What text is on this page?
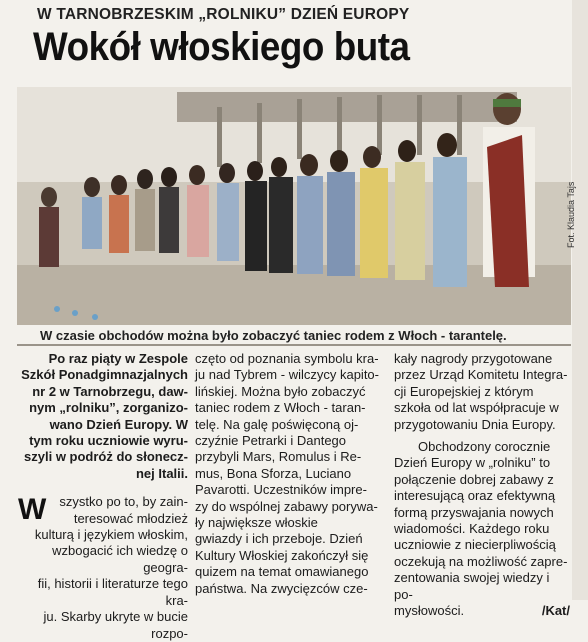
W TARNOBRZESKIM „ROLNIKU” DZIEŃ EUROPY
Wokół włoskiego buta
Fot. Klaudia Tajs
W czasie obchodów można było zobaczyć taniec rodem z Włoch - tarantelę.

Po raz piąty w Zespole
Szkół Ponadgimnazjalnych
nr 2 w Tarnobrzegu, daw-
nym „rolniku”, zorganizo-
wano Dzień Europy. W
tym roku uczniowie wyru-
szyli w podróż do słonecz-
nej Italii.

W szystko po to, by zain-
teresować młodzież
kulturą i językiem włoskim,
wzbogacić ich wiedzę o geogra-
fii, historii i literaturze tego kra-
ju. Skarby ukryte w bucie rozpo-

częto od poznania symbolu kra-
ju nad Tybrem - wilczycy kapito-
lińskiej. Można było zobaczyć
taniec rodem z Włoch - taran-
telę. Na galę poświęconą oj-
czyźnie Petrarki i Dantego
przybyli Mars, Romulus i Re-
mus, Bona Sforza, Luciano
Pavarotti. Uczestników impre-
zy do wspólnej zabawy porywa-
ły największe włoskie
gwiazdy i ich przeboje. Dzień
Kultury Włoskiej zakończył się
quizem na temat omawianego
państwa. Na zwycięzców cze-

kały nagrody przygotowane
przez Urząd Komitetu Integra-
cji Europejskiej z którym
szkoła od lat współpracuje w
przygotowaniu Dnia Europy.

Obchodzony corocznie
Dzień Europy w „rolniku” to
połączenie dobrej zabawy z
interesującą oraz efektywną
formą przyswajania nowych
wiadomości. Każdego roku
uczniowie z niecierpliwością
oczekują na możliwość zapre-
zentowania swojej wiedzy i po-
mysłowości.	/Kat/
